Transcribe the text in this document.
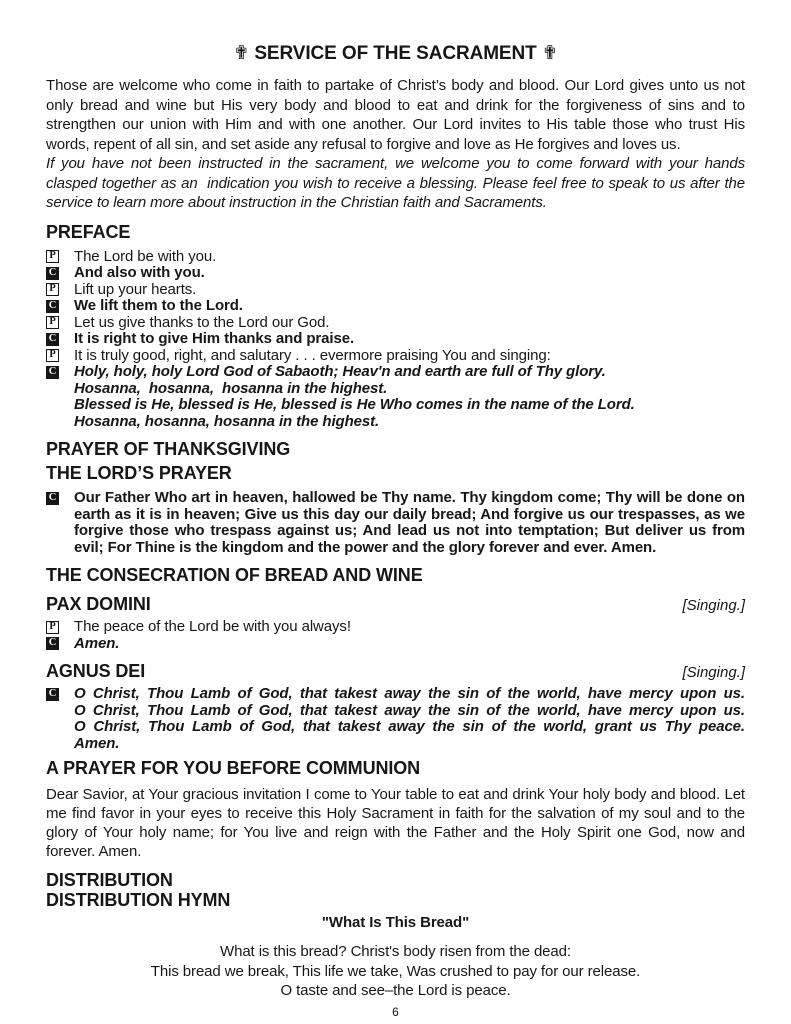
✟ SERVICE OF THE SACRAMENT ✟

Those are welcome who come in faith to partake of Christ’s body and blood. Our Lord gives unto us not only bread and wine but His very body and blood to eat and drink for the forgiveness of sins and to strengthen our union with Him and with one another. Our Lord invites to His table those who trust His words, repent of all sin, and set aside any refusal to forgive and love as He forgives and loves us.

If you have not been instructed in the sacrament, we welcome you to come forward with your hands clasped together as an  indication you wish to receive a blessing. Please feel free to speak to us after the service to learn more about instruction in the Christian faith and Sacraments.

PREFACE
P The Lord be with you.
C And also with you.
P Lift up your hearts.
C We lift them to the Lord.
P Let us give thanks to the Lord our God.
C It is right to give Him thanks and praise.
P It is truly good, right, and salutary . . . evermore praising You and singing:
C Holy, holy, holy Lord God of Sabaoth; Heav'n and earth are full of Thy glory.
Hosanna,  hosanna,  hosanna in the highest.
Blessed is He, blessed is He, blessed is He Who comes in the name of the Lord.
Hosanna, hosanna, hosanna in the highest.
PRAYER OF THANKSGIVING
THE LORD’S PRAYER
C Our Father Who art in heaven, hallowed be Thy name. Thy kingdom come; Thy will be done on earth as it is in heaven; Give us this day our daily bread; And forgive us our trespasses, as we forgive those who trespass against us; And lead us not into temptation; But deliver us from evil; For Thine is the kingdom and the power and the glory forever and ever. Amen.
THE CONSECRATION OF BREAD AND WINE
PAX DOMINI	[Singing.]
P The peace of the Lord be with you always!
C Amen.
AGNUS DEI	[Singing.]
C O Christ, Thou Lamb of God, that takest away the sin of the world, have mercy upon us.
O Christ, Thou Lamb of God, that takest away the sin of the world, have mercy upon us.
O Christ, Thou Lamb of God, that takest away the sin of the world, grant us Thy peace.
Amen.
A PRAYER FOR YOU BEFORE COMMUNION
Dear Savior, at Your gracious invitation I come to Your table to eat and drink Your holy body and blood. Let me find favor in your eyes to receive this Holy Sacrament in faith for the salvation of my soul and to the glory of Your holy name; for You live and reign with the Father and the Holy Spirit one God, now and forever. Amen.
DISTRIBUTION
DISTRIBUTION HYMN
"What Is This Bread"
What is this bread? Christ's body risen from the dead:
This bread we break, This life we take, Was crushed to pay for our release.
O taste and see–the Lord is peace.
6
